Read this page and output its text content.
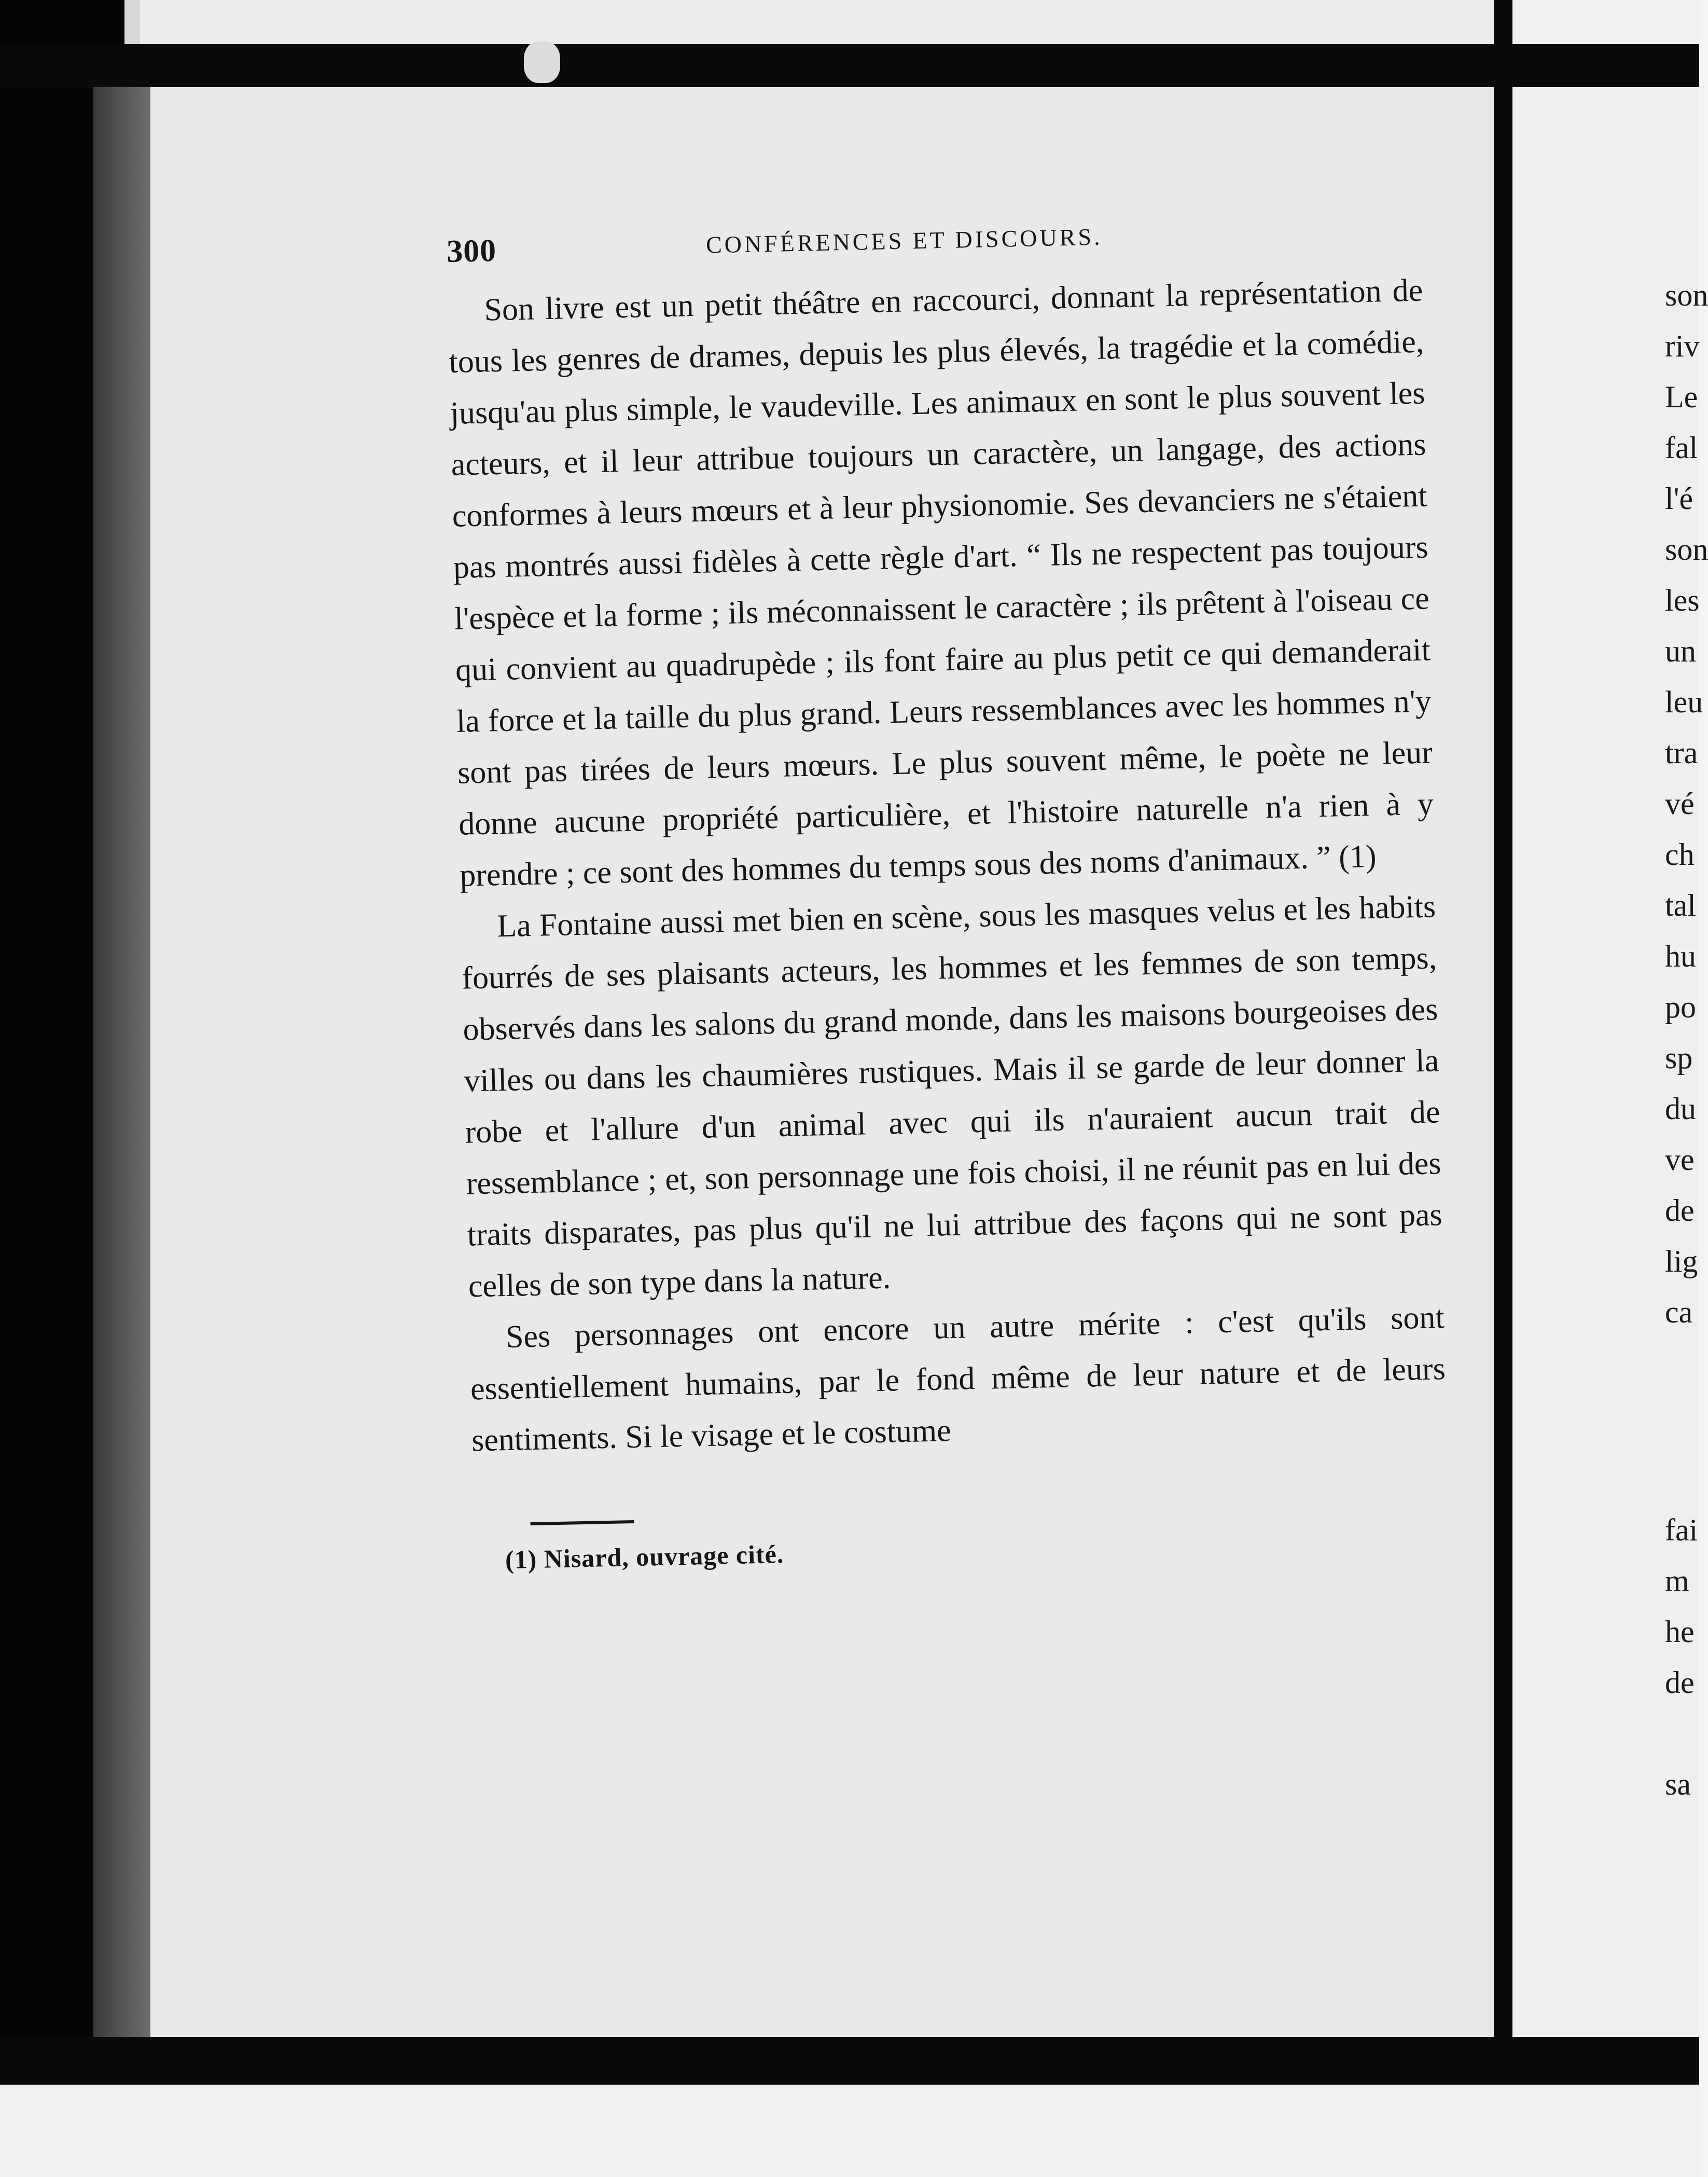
300	CONFÉRENCES ET DISCOURS.

Son livre est un petit théâtre en raccourci, donnant la représentation de tous les genres de drames, depuis les plus élevés, la tragédie et la comédie, jusqu'au plus simple, le vaudeville. Les animaux en sont le plus souvent les acteurs, et il leur attribue toujours un caractère, un langage, des actions conformes à leurs mœurs et à leur physionomie. Ses devanciers ne s'étaient pas montrés aussi fidèles à cette règle d'art. “ Ils ne respectent pas toujours l'espèce et la forme ; ils méconnaissent le caractère ; ils prêtent à l'oiseau ce qui convient au quadrupède ; ils font faire au plus petit ce qui demanderait la force et la taille du plus grand. Leurs ressemblances avec les hommes n'y sont pas tirées de leurs mœurs. Le plus souvent même, le poète ne leur donne aucune propriété particulière, et l'histoire naturelle n'a rien à y prendre ; ce sont des hommes du temps sous des noms d'animaux. ” (1)

La Fontaine aussi met bien en scène, sous les masques velus et les habits fourrés de ses plaisants acteurs, les hommes et les femmes de son temps, observés dans les salons du grand monde, dans les maisons bourgeoises des villes ou dans les chaumières rustiques. Mais il se garde de leur donner la robe et l'allure d'un animal avec qui ils n'auraient aucun trait de ressemblance ; et, son personnage une fois choisi, il ne réunit pas en lui des traits disparates, pas plus qu'il ne lui attribue des façons qui ne sont pas celles de son type dans la nature.

Ses personnages ont encore un autre mérite : c'est qu'ils sont essentiellement humains, par le fond même de leur nature et de leurs sentiments. Si le visage et le costume

(1) Nisard, ouvrage cité.
son
riv
Le
fal
l'é
son
les
un
leu
tra
vé
ch
tal
hu
po
sp
du
ve
de
lig
ca
fai
m
he
de

sa
